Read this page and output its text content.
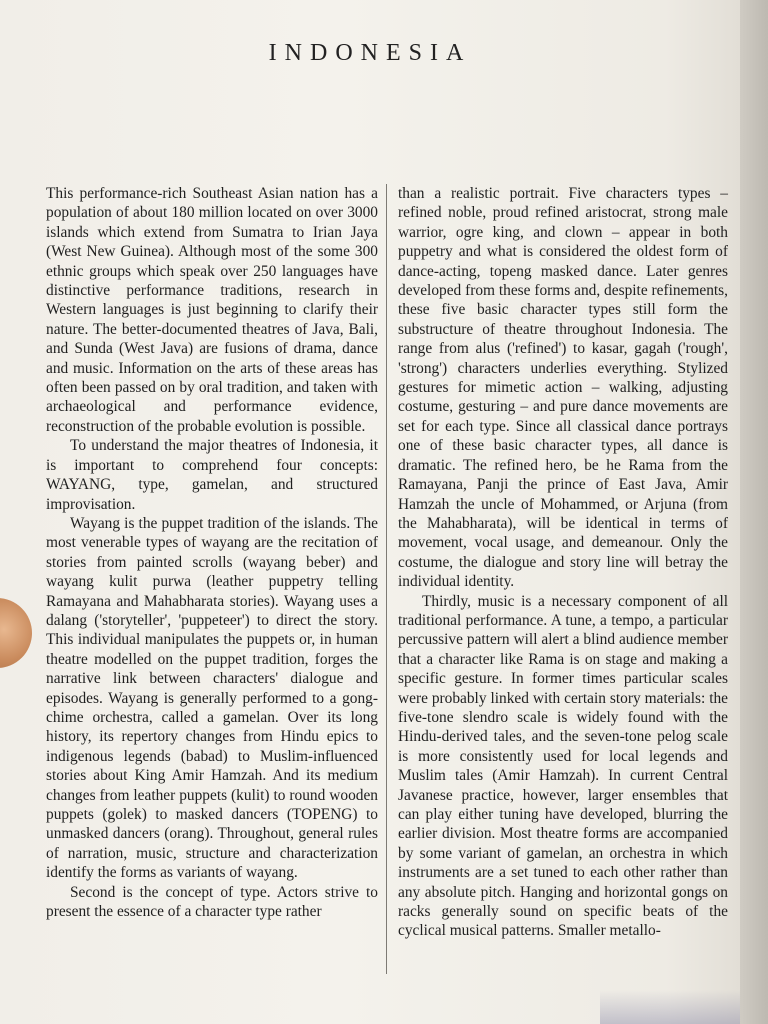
INDONESIA

This performance-rich Southeast Asian nation has a population of about 180 million located on over 3000 islands which extend from Sumatra to Irian Jaya (West New Guinea). Although most of the some 300 ethnic groups which speak over 250 languages have distinctive performance traditions, research in Western languages is just beginning to clarify their nature. The better-documented theatres of Java, Bali, and Sunda (West Java) are fusions of drama, dance and music. Information on the arts of these areas has often been passed on by oral tradition, and taken with archaeological and performance evidence, reconstruction of the probable evolution is possible.

To understand the major theatres of Indonesia, it is important to comprehend four concepts: WAYANG, type, gamelan, and structured improvisation.

Wayang is the puppet tradition of the islands. The most venerable types of wayang are the recitation of stories from painted scrolls (wayang beber) and wayang kulit purwa (leather puppetry telling Ramayana and Mahabharata stories). Wayang uses a dalang ('storyteller', 'puppeteer') to direct the story. This individual manipulates the puppets or, in human theatre modelled on the puppet tradition, forges the narrative link between characters' dialogue and episodes. Wayang is generally performed to a gong-chime orchestra, called a gamelan. Over its long history, its repertory changes from Hindu epics to indigenous legends (babad) to Muslim-influenced stories about King Amir Hamzah. And its medium changes from leather puppets (kulit) to round wooden puppets (golek) to masked dancers (TOPENG) to unmasked dancers (orang). Throughout, general rules of narration, music, structure and characterization identify the forms as variants of wayang.

Second is the concept of type. Actors strive to present the essence of a character type rather

than a realistic portrait. Five characters types – refined noble, proud refined aristocrat, strong male warrior, ogre king, and clown – appear in both puppetry and what is considered the oldest form of dance-acting, topeng masked dance. Later genres developed from these forms and, despite refinements, these five basic character types still form the substructure of theatre throughout Indonesia. The range from alus ('refined') to kasar, gagah ('rough', 'strong') characters underlies everything. Stylized gestures for mimetic action – walking, adjusting costume, gesturing – and pure dance movements are set for each type. Since all classical dance portrays one of these basic character types, all dance is dramatic. The refined hero, be he Rama from the Ramayana, Panji the prince of East Java, Amir Hamzah the uncle of Mohammed, or Arjuna (from the Mahabharata), will be identical in terms of movement, vocal usage, and demeanour. Only the costume, the dialogue and story line will betray the individual identity.

Thirdly, music is a necessary component of all traditional performance. A tune, a tempo, a particular percussive pattern will alert a blind audience member that a character like Rama is on stage and making a specific gesture. In former times particular scales were probably linked with certain story materials: the five-tone slendro scale is widely found with the Hindu-derived tales, and the seven-tone pelog scale is more consistently used for local legends and Muslim tales (Amir Hamzah). In current Central Javanese practice, however, larger ensembles that can play either tuning have developed, blurring the earlier division. Most theatre forms are accompanied by some variant of gamelan, an orchestra in which instruments are a set tuned to each other rather than any absolute pitch. Hanging and horizontal gongs on racks generally sound on specific beats of the cyclical musical patterns. Smaller metallo-
